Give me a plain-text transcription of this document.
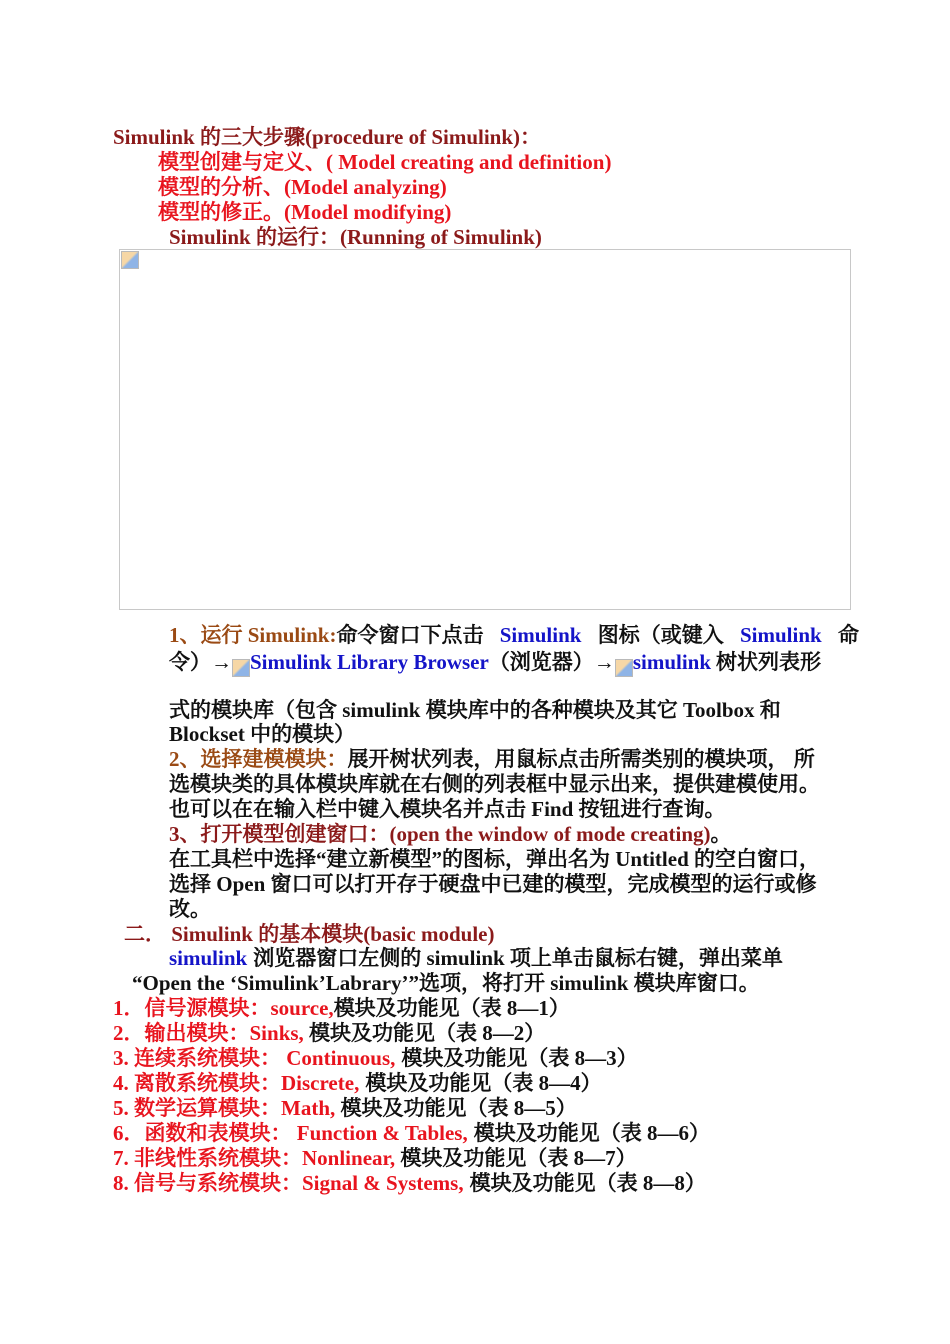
Simulink 的三大步骤(procedure of Simulink)：
模型创建与定义、( Model creating and definition)
模型的分析、(Model analyzing)
模型的修正。(Model modifying)
Simulink 的运行：(Running of Simulink)
1、运行 Simulink:命令窗口下点击 Simulink 图标（或键入 Simulink 命
令）→ Simulink Library Browser（浏览器）→ simulink 树状列表形
式的模块库（包含 simulink 模块库中的各种模块及其它 Toolbox 和
Blockset 中的模块）
2、选择建模模块：展开树状列表，用鼠标点击所需类别的模块项， 所
选模块类的具体模块库就在右侧的列表框中显示出来，提供建模使用。
也可以在在输入栏中键入模块名并点击 Find 按钮进行查询。
3、打开模型创建窗口：(open the window of mode creating)。
在工具栏中选择“建立新模型”的图标，弹出名为 Untitled 的空白窗口，
选择 Open 窗口可以打开存于硬盘中已建的模型，完成模型的运行或修
改。
二． Simulink 的基本模块(basic module)
simulink 浏览器窗口左侧的 simulink 项上单击鼠标右键，弹出菜单
“Open the ‘Simulink’Labrary’”选项，将打开 simulink 模块库窗口。
1．信号源模块：source,模块及功能见（表 8—1）
2．输出模块：Sinks, 模块及功能见（表 8—2）
3. 连续系统模块： Continuous, 模块及功能见（表 8—3）
4. 离散系统模块：Discrete, 模块及功能见（表 8—4）
5. 数学运算模块：Math, 模块及功能见（表 8—5）
6．函数和表模块： Function & Tables, 模块及功能见（表 8—6）
7. 非线性系统模块：Nonlinear, 模块及功能见（表 8—7）
8. 信号与系统模块：Signal & Systems, 模块及功能见（表 8—8）
